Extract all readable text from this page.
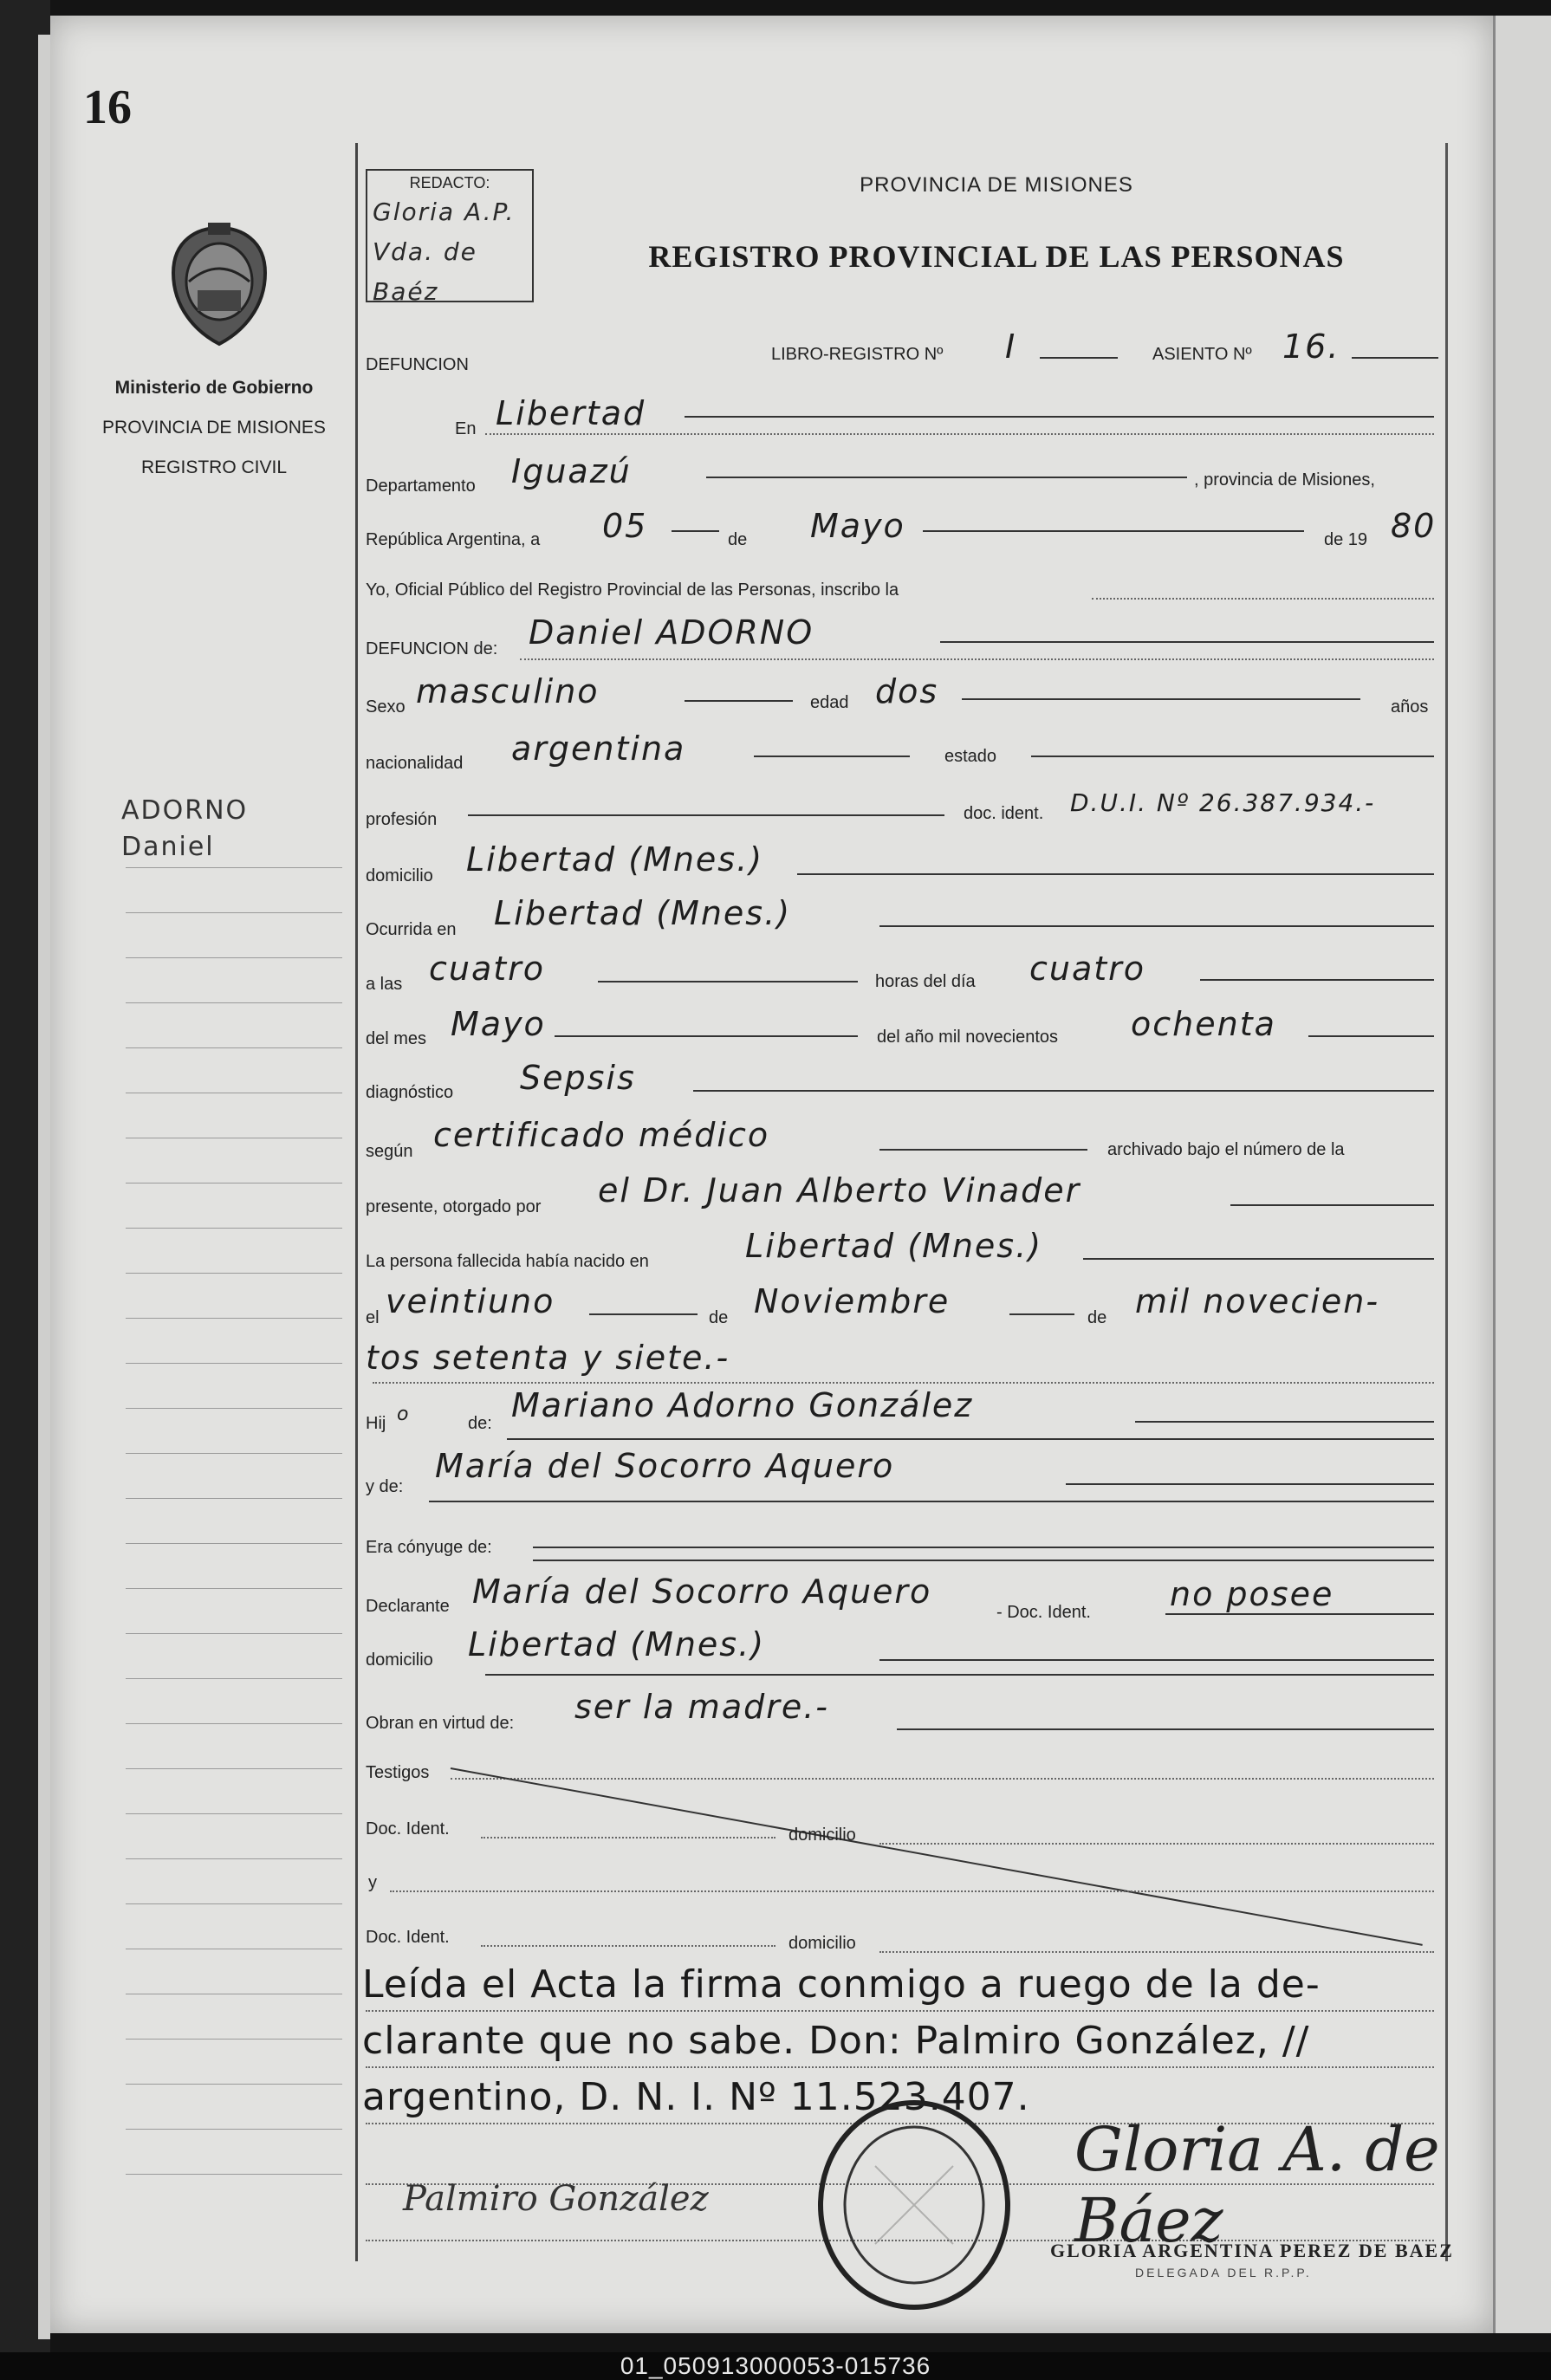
16
Ministerio de Gobierno
PROVINCIA DE MISIONES
REGISTRO CIVIL
ADORNO
Daniel
REDACTO:
Gloria A.P.
Vda. de Baéz
PROVINCIA DE MISIONES
REGISTRO PROVINCIAL DE LAS PERSONAS
DEFUNCION
LIBRO-REGISTRO Nº I	ASIENTO Nº 16.
En Libertad
Departamento Iguazú	, provincia de Misiones,
República Argentina, a 05	de Mayo	de 19 80
Yo, Oficial Público del Registro Provincial de las Personas, inscribo la
DEFUNCION de: Daniel ADORNO
Sexo masculino	edad dos	años
nacionalidad argentina	estado
profesión	doc. ident. D.U.I. Nº 26.387.934.-
domicilio Libertad (Mnes.)
Ocurrida en Libertad (Mnes.)
a las cuatro	horas del día cuatro
del mes Mayo	del año mil novecientos ochenta
diagnóstico Sepsis
según certificado médico	archivado bajo el número de la
presente, otorgado por el Dr. Juan Alberto Vinader
La persona fallecida había nacido en	Libertad (Mnes.)
el veintiuno	de Noviembre	de mil novecien-
tos setenta y siete.-
Hij o	de: Mariano Adorno González
y de:
María del Socorro Aquero
Era cónyuge de:
Declarante María del Socorro Aquero
- Doc. Ident. no posee
domicilio Libertad (Mnes.)
Obran en virtud de: ser la madre.-
Testigos
Doc. Ident.	domicilio
y
Doc. Ident.	domicilio
Leída el Acta la firma conmigo a ruego de la de-
clarante que no sabe. Don: Palmiro González, //
argentino, D. N. I. Nº 11.523.407.
Palmiro González
Gloria A. de Báez
GLORIA ARGENTINA PEREZ DE BAEZ
DELEGADA DEL R.P.P.
01_050913000053-015736
